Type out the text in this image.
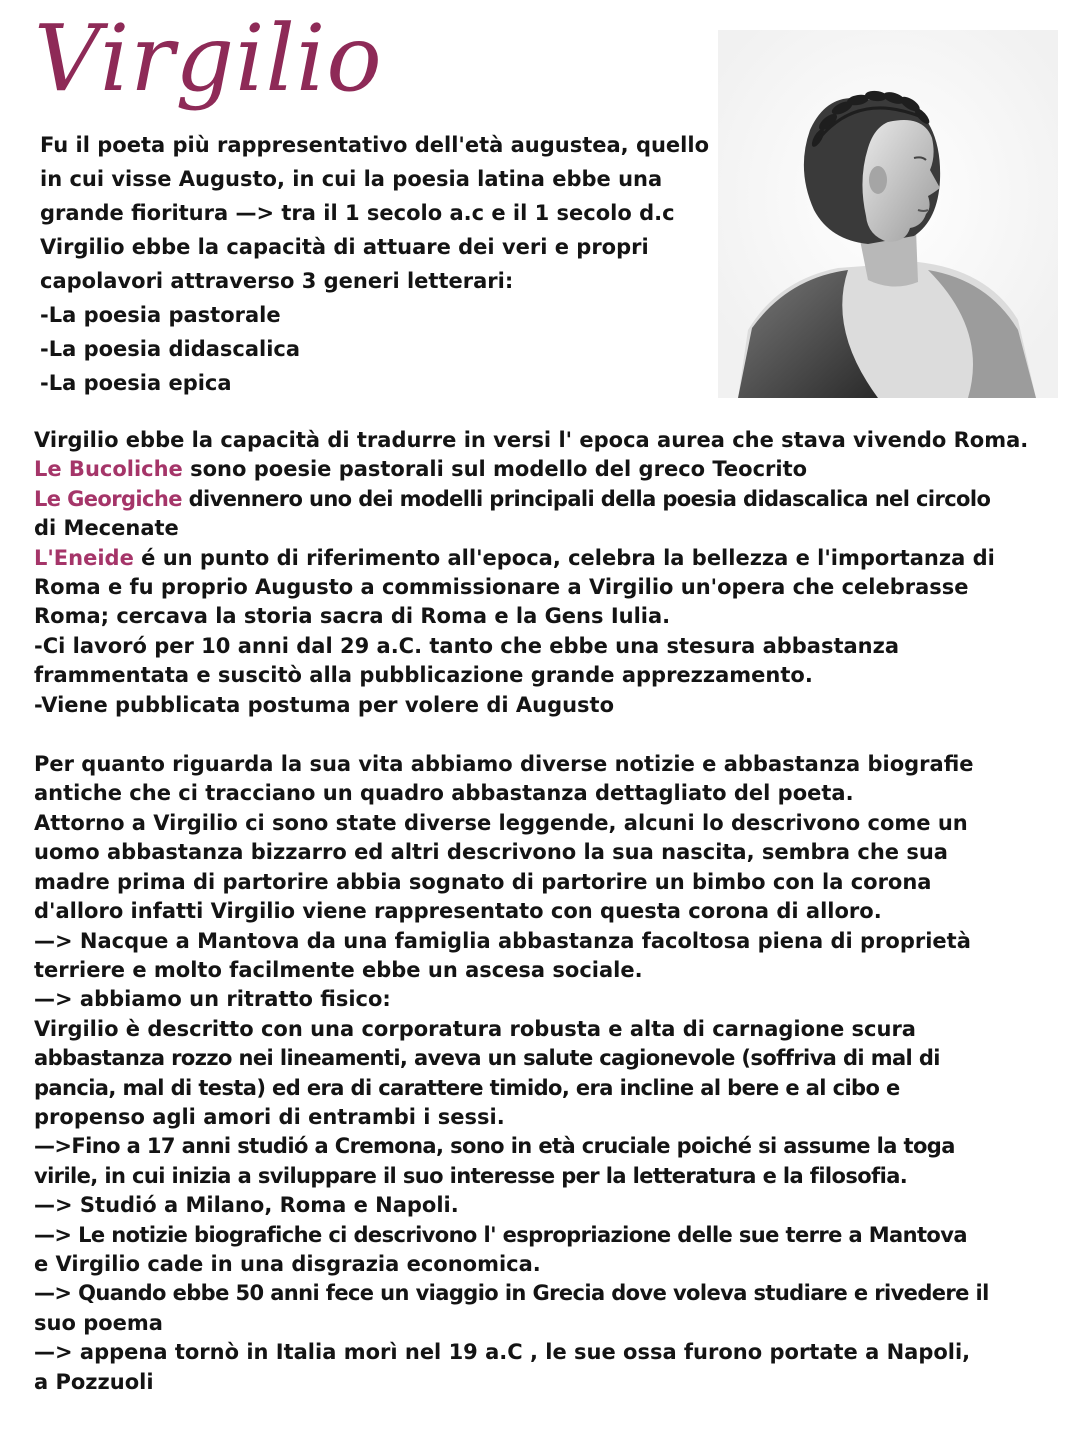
Virgilio
Fu il poeta più rappresentativo dell'età augustea, quello
in cui visse Augusto, in cui la poesia latina ebbe una
grande fioritura —> tra il 1 secolo a.c e il 1 secolo d.c
Virgilio ebbe la capacità di attuare dei veri e propri
capolavori attraverso 3 generi letterari:
-La poesia pastorale
-La poesia didascalica
-La poesia epica
Virgilio ebbe la capacità di tradurre in versi l' epoca aurea che stava vivendo Roma.
Le Bucoliche sono poesie pastorali sul modello del greco Teocrito
Le Georgiche divennero uno dei modelli principali della poesia didascalica nel circolo
di Mecenate
L'Eneide é un punto di riferimento all'epoca, celebra la bellezza e l'importanza di
Roma e fu proprio Augusto a commissionare a Virgilio un'opera che celebrasse
Roma; cercava la storia sacra di Roma e la Gens Iulia.
-Ci lavoró per 10 anni dal 29 a.C. tanto che ebbe una stesura abbastanza
frammentata e suscitò alla pubblicazione grande apprezzamento.
-Viene pubblicata postuma per volere di Augusto
Per quanto riguarda la sua vita abbiamo diverse notizie e abbastanza biografie
antiche che ci tracciano un quadro abbastanza dettagliato del poeta.
Attorno a Virgilio ci sono state diverse leggende, alcuni lo descrivono come un
uomo abbastanza bizzarro ed altri descrivono la sua nascita, sembra che sua
madre prima di partorire abbia sognato di partorire un bimbo con la corona
d'alloro infatti Virgilio viene rappresentato con questa corona di alloro.
—> Nacque a Mantova da una famiglia abbastanza facoltosa piena di proprietà
terriere e molto facilmente ebbe un ascesa sociale.
—> abbiamo un ritratto fisico:
Virgilio è descritto con una corporatura robusta e alta di carnagione scura
abbastanza rozzo nei lineamenti, aveva un salute cagionevole (soffriva di mal di
pancia, mal di testa) ed era di carattere timido, era incline al bere e al cibo e
propenso agli amori di entrambi i sessi.
—>Fino a 17 anni studió a Cremona, sono in età cruciale poiché si assume la toga
virile, in cui inizia a sviluppare il suo interesse per la letteratura e la filosofia.
—> Studió a Milano, Roma e Napoli.
—> Le notizie biografiche ci descrivono l' espropriazione delle sue terre a Mantova
e Virgilio cade in una disgrazia economica.
—> Quando ebbe 50 anni fece un viaggio in Grecia dove voleva studiare e rivedere il
suo poema
—> appena tornò in Italia morì nel 19 a.C , le sue ossa furono portate a Napoli,
a Pozzuoli
